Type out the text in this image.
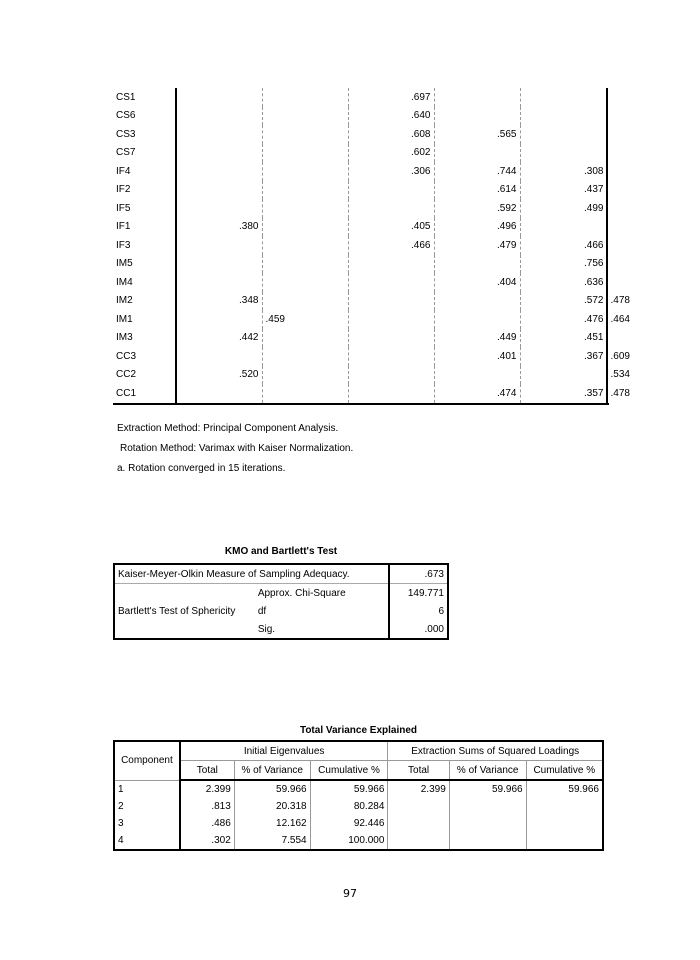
CS1			.697			
CS6			.640			
CS3			.608	.565		
CS7			.602			
IF4			.306	.744	.308	
IF2				.614	.437	
IF5				.592	.499	
IF1	.380		.405	.496		
IF3			.466	.479	.466	
IM5					.756	
IM4				.404	.636	
IM2	.348				.572	.478
IM1		.459			.476	.464
IM3	.442			.449	.451	
CC3				.401	.367	.609
CC2	.520					.534
CC1				.474	.357	.478
Extraction Method: Principal Component Analysis.
Rotation Method: Varimax with Kaiser Normalization.
a. Rotation converged in 15 iterations.
KMO and Bartlett's Test
Kaiser-Meyer-Olkin Measure of Sampling Adequacy.		.673
Bartlett's Test of Sphericity	Approx. Chi-Square	149.771
	df	6
	Sig.	.000
Total Variance Explained
Component	Initial Eigenvalues			Extraction Sums of Squared Loadings		
	Total	% of Variance	Cumulative %	Total	% of Variance	Cumulative %
1	2.399	59.966	59.966	2.399	59.966	59.966
2	.813	20.318	80.284			
3	.486	12.162	92.446			
4	.302	7.554	100.000			
97
